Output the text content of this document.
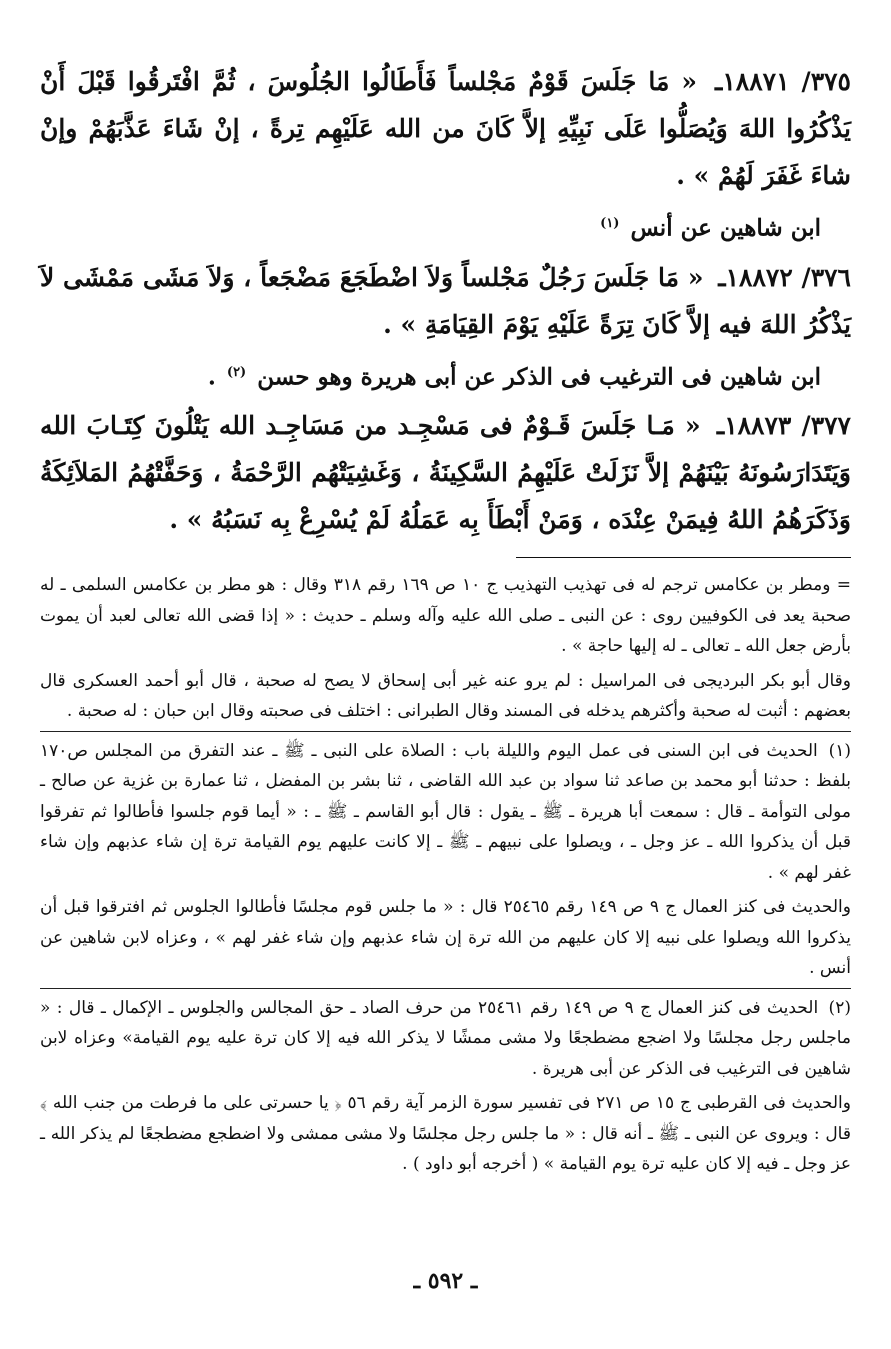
٣٧٥/ ١٨٨٧١ـ « مَا جَلَسَ قَوْمٌ مَجْلساً فَأَطَالُوا الجُلُوسَ ، ثُمَّ افْتَرقُوا قَبْلَ أَنْ يَذْكُرُوا اللهَ وَيُصَلُّوا عَلَى نَبِيِّهِ إلاَّ كَانَ من الله عَلَيْهِم تِرةً ، إنْ شَاءَ عَذَّبَهُمْ وإنْ شاءَ غَفَرَ لَهُمْ » .

ابن شاهين عن أنس $^{(١)}$

٣٧٦/ ١٨٨٧٢ـ « مَا جَلَسَ رَجُلٌ مَجْلساً وَلاَ اضْطَجَعَ مَضْجَعاً ، وَلاَ مَشَى مَمْشَى لاَ يَذْكُرُ اللهَ فيه إلاَّ كَانَ تِرَةً عَلَيْهِ يَوْمَ القِيَامَةِ » .

ابن شاهين فى الترغيب فى الذكر عن أبى هريرة وهو حسن $^{(٢)}$ .

٣٧٧/ ١٨٨٧٣ـ « مَـا جَلَسَ قَـوْمٌ فى مَسْجِـد من مَسَاجِـد الله يَتْلُونَ كِتَـابَ الله وَيَتَدَارَسُونَهُ بَيْنَهُمْ إلاَّ نَزَلَتْ عَلَيْهِمُ السَّكِينَةُ ، وَغَشِيَتْهُم الرَّحْمَةُ ، وَحَفَّتْهُمُ المَلاَئِكَةُ وَذَكَرَهُمُ اللهُ فِيمَنْ عِنْدَه ، وَمَنْ أَبْطَأَ بِه عَمَلُهُ لَمْ يُسْرِعْ بِه نَسَبُهُ » .

= ومطر بن عكامس ترجم له فى تهذيب التهذيب ج ١٠ ص ١٦٩ رقم ٣١٨ وقال : هو مطر بن عكامس السلمى ـ له صحبة يعد فى الكوفيين روى : عن النبى ـ صلى الله عليه وآله وسلم ـ حديث : « إذا قضى الله تعالى لعبد أن يموت بأرض جعل الله ـ تعالى ـ له إليها حاجة » .

وقال أبو بكر البرديجى فى المراسيل : لم يرو عنه غير أبى إسحاق لا يصح له صحبة ، قال أبو أحمد العسكرى قال بعضهم : أثبت له صحبة وأكثرهم يدخله فى المسند وقال الطبرانى : اختلف فى صحبته وقال ابن حبان : له صحبة .

(١) الحديث فى ابن السنى فى عمل اليوم والليلة باب : الصلاة على النبى ـ ﷺ ـ عند التفرق من المجلس ص١٧٠ بلفظ : حدثنا أبو محمد بن صاعد ثنا سواد بن عبد الله القاضى ، ثنا بشر بن المفضل ، ثنا عمارة بن غزية عن صالح ـ مولى التوأمة ـ قال : سمعت أبا هريرة ـ ﷺ ـ يقول : قال أبو القاسم ـ ﷺ ـ : « أيما قوم جلسوا فأطالوا ثم تفرقوا قبل أن يذكروا الله ـ عز وجل ـ ، ويصلوا على نبيهم ـ ﷺ ـ إلا كانت عليهم يوم القيامة ترة إن شاء عذبهم وإن شاء غفر لهم » .

والحديث فى كنز العمال ج ٩ ص ١٤٩ رقم ٢٥٤٦٥ قال : « ما جلس قوم مجلسًا فأطالوا الجلوس ثم افترقوا قبل أن يذكروا الله ويصلوا على نبيه إلا كان عليهم من الله ترة إن شاء عذبهم وإن شاء غفر لهم » ، وعزاه لابن شاهين عن أنس .

(٢) الحديث فى كنز العمال ج ٩ ص ١٤٩ رقم ٢٥٤٦١ من حرف الصاد ـ حق المجالس والجلوس ـ الإكمال ـ قال : « ماجلس رجل مجلسًا ولا اضجع مضطجعًا ولا مشى ممشًا لا يذكر الله فيه إلا كان ترة عليه يوم القيامة» وعزاه لابن شاهين فى الترغيب فى الذكر عن أبى هريرة .

والحديث فى القرطبى ج ١٥ ص ٢٧١ فى تفسير سورة الزمر آية رقم ٥٦ ﴿ يا حسرتى على ما فرطت من جنب الله ﴾ قال : ويروى عن النبى ـ ﷺ ـ أنه قال : « ما جلس رجل مجلسًا ولا مشى ممشى ولا اضطجع مضطجعًا لم يذكر الله ـ عز وجل ـ فيه إلا كان عليه ترة يوم القيامة » ( أخرجه أبو داود ) .

ـ ٥٩٢ ـ
